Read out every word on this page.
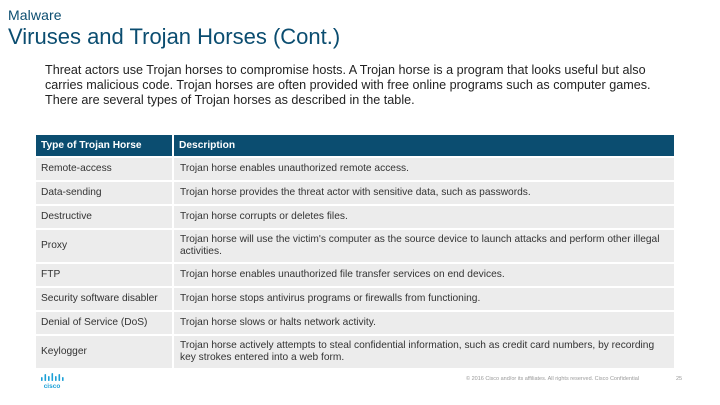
Malware
Viruses and Trojan Horses (Cont.)

Threat actors use Trojan horses to compromise hosts. A Trojan horse is a program that looks useful but also carries malicious code. Trojan horses are often provided with free online programs such as computer games. There are several types of Trojan horses as described in the table.

Type of Trojan Horse		Description
Remote-access		Trojan horse enables unauthorized remote access.
Data-sending		Trojan horse provides the threat actor with sensitive data, such as passwords.
Destructive		Trojan horse corrupts or deletes files.
Proxy		Trojan horse will use the victim's computer as the source device to launch attacks and perform other illegal activities.
FTP		Trojan horse enables unauthorized file transfer services on end devices.
Security software disabler		Trojan horse stops antivirus programs or firewalls from functioning.
Denial of Service (DoS)		Trojan horse slows or halts network activity.
Keylogger		Trojan horse actively attempts to steal confidential information, such as credit card numbers, by recording key strokes entered into a web form.
cisco
© 2016 Cisco and/or its affiliates. All rights reserved. Cisco Confidential	25
